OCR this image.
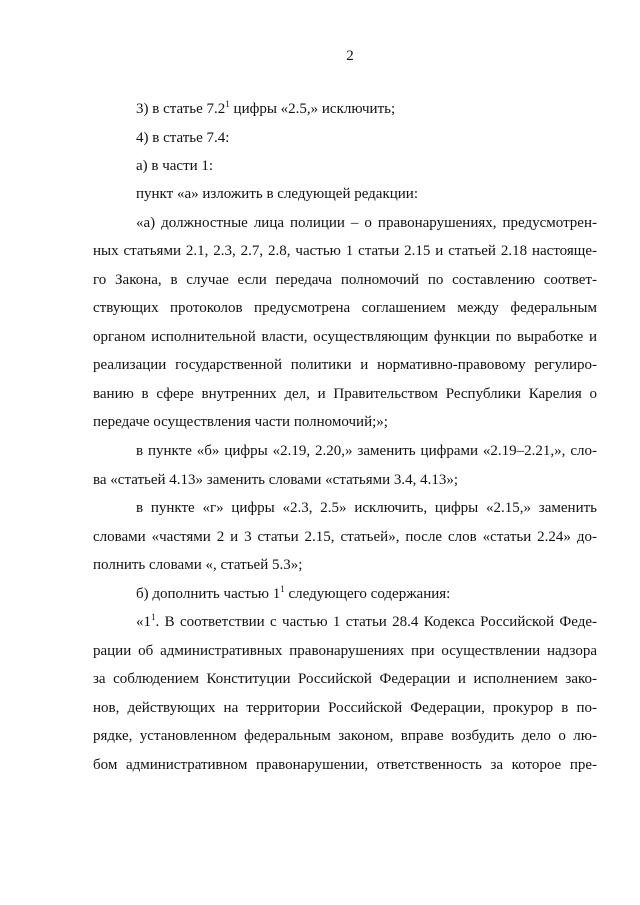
2
3) в статье $7.2^1$ цифры «2.5,» исключить;
4) в статье 7.4:
а) в части 1:
пункт «а» изложить в следующей редакции:
«а) должностные лица полиции – о правонарушениях, предусмотрен-
ных статьями 2.1, 2.3, 2.7, 2.8, частью 1 статьи 2.15 и статьей 2.18 настояще-
го Закона, в случае если передача полномочий по составлению соответ-
ствующих протоколов предусмотрена соглашением между федеральным
органом исполнительной власти, осуществляющим функции по выработке и
реализации государственной политики и нормативно-правовому регулиро-
ванию в сфере внутренних дел, и Правительством Республики Карелия о
передаче осуществления части полномочий;»;
в пункте «б» цифры «2.19, 2.20,» заменить цифрами «2.19–2.21,», сло-
ва «статьей 4.13» заменить словами «статьями 3.4, 4.13»;
в пункте «г» цифры «2.3, 2.5» исключить, цифры «2.15,» заменить
словами «частями 2 и 3 статьи 2.15, статьей», после слов «статьи 2.24» до-
полнить словами «, статьей 5.3»;
б) дополнить частью $1^1$ следующего содержания:
«$1^1$. В соответствии с частью 1 статьи 28.4 Кодекса Российской Феде-
рации об административных правонарушениях при осуществлении надзора
за соблюдением Конституции Российской Федерации и исполнением зако-
нов, действующих на территории Российской Федерации, прокурор в по-
рядке, установленном федеральным законом, вправе возбудить дело о лю-
бом административном правонарушении, ответственность за которое пре-
